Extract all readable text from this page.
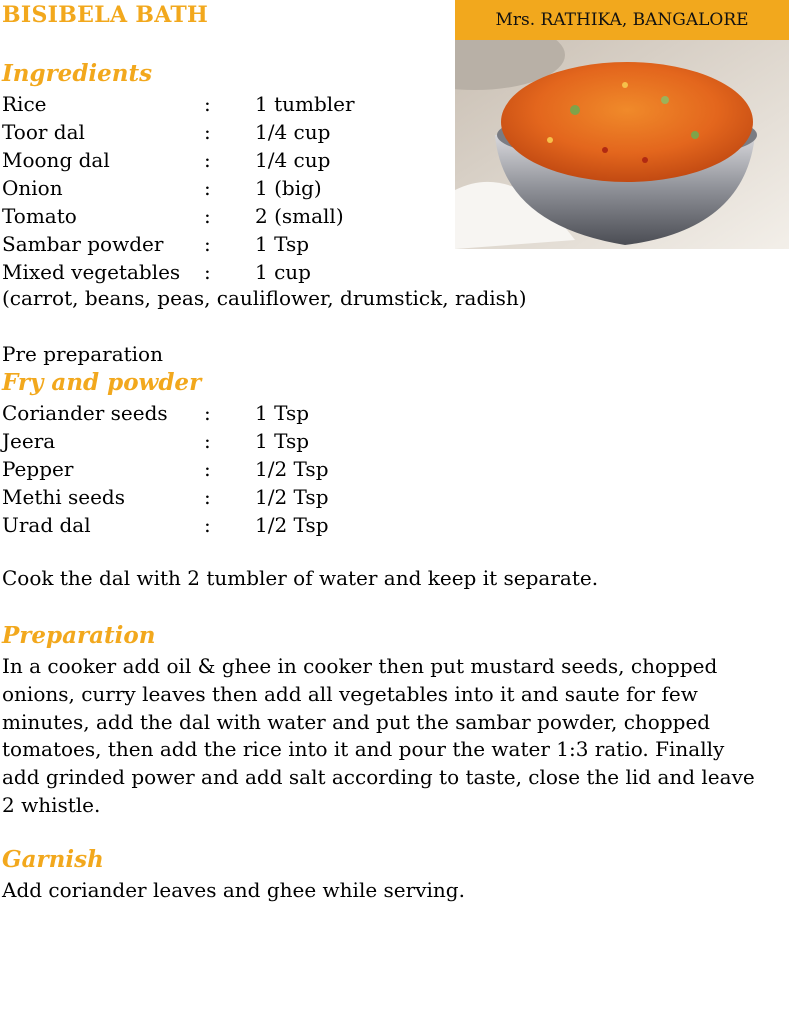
BISIBELA BATH	Mrs. RATHIKA, BANGALORE
Ingredients
Rice	: 1 tumbler
Toor dal	: 1/4 cup
Moong dal	: 1/4 cup
Onion	: 1 (big)
Tomato	: 2 (small)
Sambar powder : 1 Tsp
Mixed vegetables : 1 cup

(carrot, beans, peas, cauliflower, drumstick, radish)

Pre preparation

Fry and powder
Coriander seeds : 1 Tsp
Jeera	: 1 Tsp
Pepper	: 1/2 Tsp
Methi seeds	: 1/2 Tsp
Urad dal	: 1/2 Tsp

Cook the dal with 2 tumbler of water and keep it separate.

Preparation

In a cooker add oil & ghee in cooker then put mustard seeds, chopped onions, curry leaves then add all vegetables into it and saute for few minutes, add the dal with water and put the sambar powder, chopped tomatoes, then add the rice into it and pour the water 1:3 ratio. Finally add grinded power and add salt according to taste, close the lid and leave 2 whistle.

Garnish

Add coriander leaves and ghee while serving.
